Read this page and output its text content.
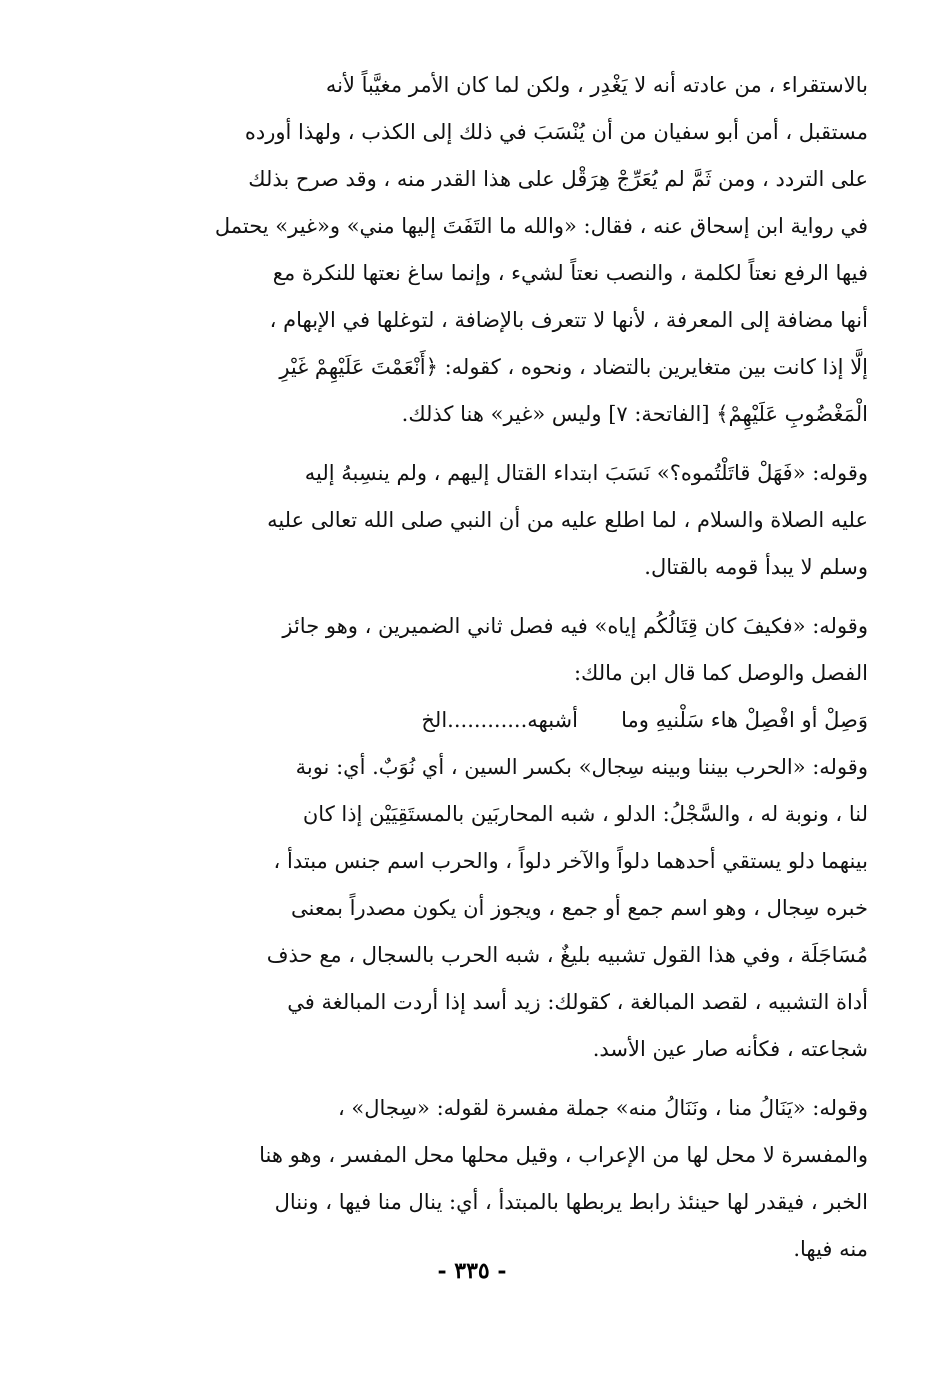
بالاستقراء ، من عادته أنه لا يَغْدِر ، ولكن لما كان الأمر مغيَّباً لأنه
مستقبل ، أمن أبو سفيان من أن يُنْسَبَ في ذلك إلى الكذب ، ولهذا أورده
على التردد ، ومن ثَمَّ لم يُعَرِّجْ هِرَقْل على هذا القدر منه ، وقد صرح بذلك
في رواية ابن إسحاق عنه ، فقال: «والله ما التَفَتَ إليها مني» و«غير» يحتمل
فيها الرفع نعتاً لكلمة ، والنصب نعتاً لشيء ، وإنما ساغ نعتها للنكرة مع
أنها مضافة إلى المعرفة ، لأنها لا تتعرف بالإضافة ، لتوغلها في الإبهام ،
إلَّا إذا كانت بين متغايرين بالتضاد ، ونحوه ، كقوله: ﴿أَنْعَمْتَ عَلَيْهِمْ غَيْرِ
الْمَغْضُوبِ عَلَيْهِمْ﴾ [الفاتحة: ٧] وليس «غير» هنا كذلك.

وقوله: «فَهَلْ قاتَلْتُموه؟» نَسَبَ ابتداء القتال إليهم ، ولم ينسِبهُ إليه
عليه الصلاة والسلام ، لما اطلع عليه من أن النبي صلى الله تعالى عليه
وسلم لا يبدأ قومه بالقتال.

وقوله: «فكيفَ كان قِتَالُكُم إياه» فيه فصل ثاني الضميرين ، وهو جائز
الفصل والوصل كما قال ابن مالك:

وَصِلْ أو افْصِلْ هاء سَلْنيهِ وماأشبهه............الخ

وقوله: «الحرب بيننا وبينه سِجال» بكسر السين ، أي نُوَبٌ. أي: نوبة
لنا ، ونوبة له ، والسَّجْلُ: الدلو ، شبه المحاربَين بالمستَقِيَيْن إذا كان
بينهما دلو يستقي أحدهما دلواً والآخر دلواً ، والحرب اسم جنس مبتدأ ،
خبره سِجال ، وهو اسم جمع أو جمع ، ويجوز أن يكون مصدراً بمعنى
مُسَاجَلَة ، وفي هذا القول تشبيه بليغٌ ، شبه الحرب بالسجال ، مع حذف
أداة التشبيه ، لقصد المبالغة ، كقولك: زيد أسد إذا أردت المبالغة في
شجاعته ، فكأنه صار عين الأسد.

وقوله: «يَنَالُ منا ، ونَنَالُ منه» جملة مفسرة لقوله: «سِجال» ،
والمفسرة لا محل لها من الإعراب ، وقيل محلها محل المفسر ، وهو هنا
الخبر ، فيقدر لها حينئذ رابط يربطها بالمبتدأ ، أي: ينال منا فيها ، وننال
منه فيها.

- ٣٣٥ -
